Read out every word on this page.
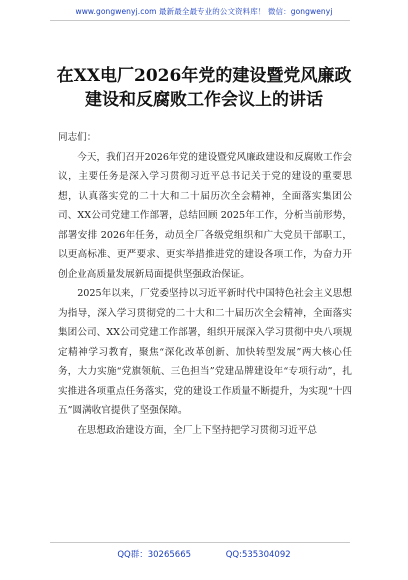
www.gongwenyj.com 最新最全最专业的公文资料库！ 微信：gongwenyj
在XX电厂2026年党的建设暨党风廉政
建设和反腐败工作会议上的讲话

同志们：

今天，我们召开2026年党的建设暨党风廉政建设和反腐败工作会议，主要任务是深入学习贯彻习近平总书记关于党的建设的重要思想，认真落实党的二十大和二十届历次全会精神，全面落实集团公司、XX公司党建工作部署，总结回顾 2025年工作，分析当前形势，部署安排 2026年任务，动员全厂各级党组织和广大党员干部职工，以更高标准、更严要求、更实举措推进党的建设各项工作，为奋力开创企业高质量发展新局面提供坚强政治保证。

2025年以来，厂党委坚持以习近平新时代中国特色社会主义思想为指导，深入学习贯彻党的二十大和二十届历次全会精神，全面落实集团公司、XX公司党建工作部署，组织开展深入学习贯彻中央八项规定精神学习教育，聚焦“深化改革创新、加快转型发展”两大核心任务，大力实施“党旗领航、三色担当”党建品牌建设年“专项行动”，扎实推进各项重点任务落实，党的建设工作质量不断提升，为实现“十四五”圆满收官提供了坚强保障。

在思想政治建设方面，全厂上下坚持把学习贯彻习近平总

QQ群：30265665	QQ:535304092
